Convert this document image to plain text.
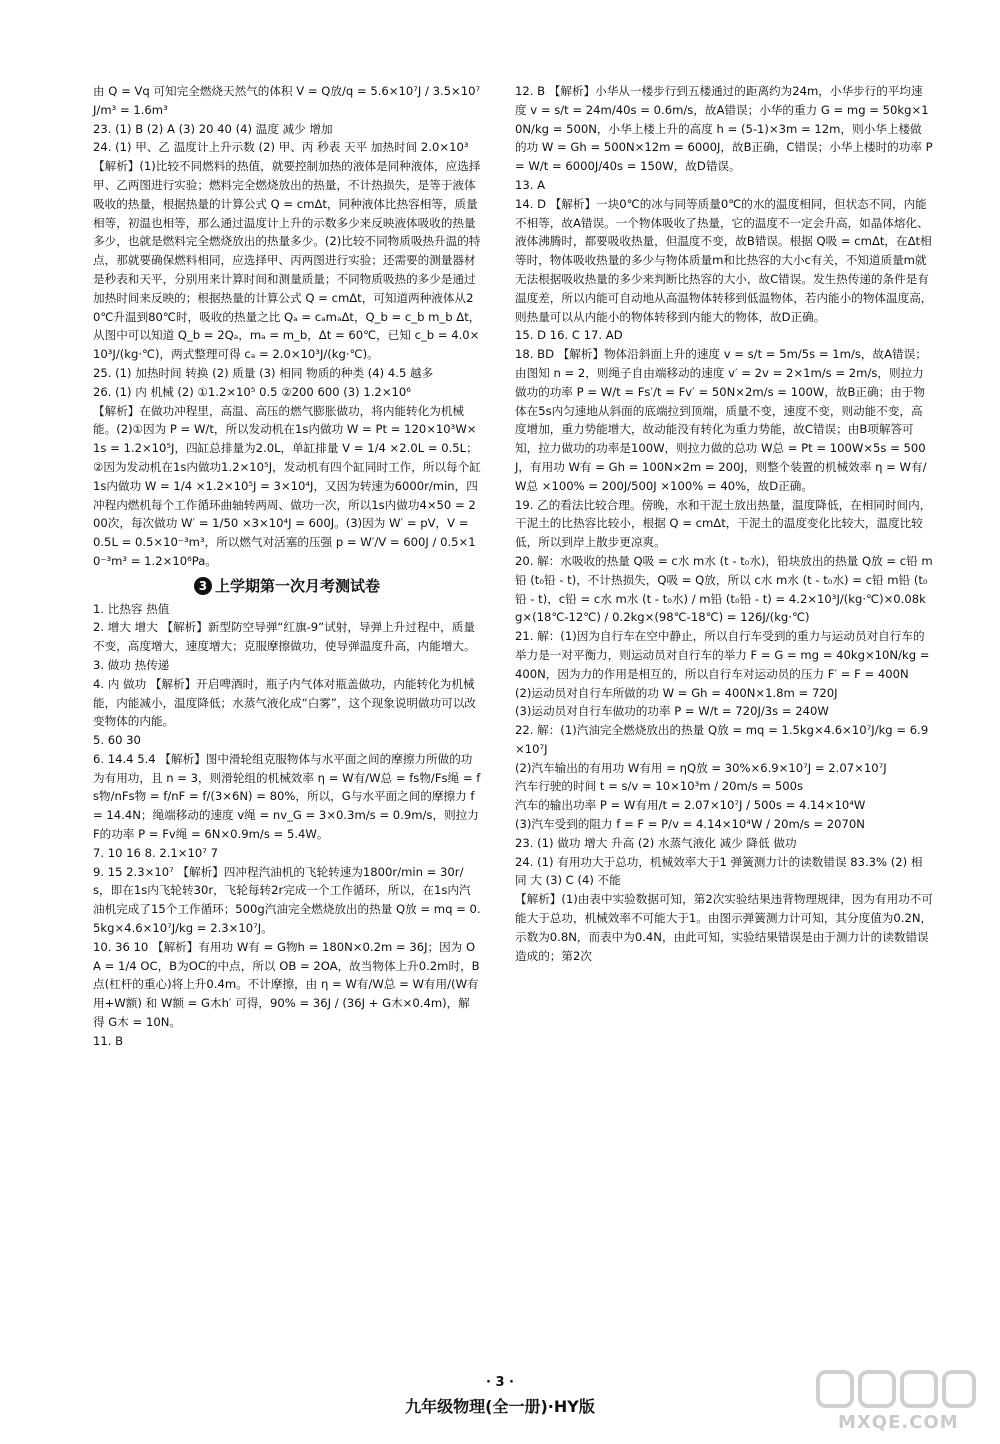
由 Q = Vq 可知完全燃烧天然气的体积 V = Q放/q = 5.6×10⁷J / 3.5×10⁷J/m³ = 1.6m³

23. (1) B (2) A (3) 20 40 (4) 温度 减少 增加

24. (1) 甲、乙 温度计上升示数 (2) 甲、丙 秒表 天平 加热时间 2.0×10³

【解析】(1)比较不同燃料的热值，就要控制加热的液体是同种液体，应选择甲、乙两图进行实验；燃料完全燃烧放出的热量，不计热损失，是等于液体吸收的热量，根据热量的计算公式 Q = cmΔt，同种液体比热容相等，质量相等，初温也相等，那么通过温度计上升的示数多少来反映液体吸收的热量多少，也就是燃料完全燃烧放出的热量多少。(2)比较不同物质吸热升温的特点，那就要确保燃料相同，应选择甲、丙两图进行实验；还需要的测量器材是秒表和天平，分别用来计算时间和测量质量；不同物质吸热的多少是通过加热时间来反映的；根据热量的计算公式 Q = cmΔt，可知道两种液体从20℃升温到80℃时，吸收的热量之比 Qₐ = cₐmₐΔt，Q_b = c_b m_b Δt，从图中可以知道 Q_b = 2Qₐ，mₐ = m_b，Δt = 60℃，已知 c_b = 4.0×10³J/(kg·℃)，两式整理可得 cₐ = 2.0×10³J/(kg·℃)。

25. (1) 加热时间 转换 (2) 质量 (3) 相同 物质的种类 (4) 4.5 越多

26. (1) 内 机械 (2) ①1.2×10⁵ 0.5 ②200 600 (3) 1.2×10⁶

【解析】在做功冲程里，高温、高压的燃气膨胀做功，将内能转化为机械能。(2)①因为 P = W/t，所以发动机在1s内做功 W = Pt = 120×10³W×1s = 1.2×10⁵J，四缸总排量为2.0L，单缸排量 V = 1/4 ×2.0L = 0.5L；②因为发动机在1s内做功1.2×10⁵J，发动机有四个缸同时工作，所以每个缸1s内做功 W = 1/4 ×1.2×10⁵J = 3×10⁴J，又因为转速为6000r/min，四冲程内燃机每个工作循环曲轴转两周、做功一次，所以1s内做功4×50 = 200次，每次做功 W′ = 1/50 ×3×10⁴J = 600J。(3)因为 W′ = pV，V = 0.5L = 0.5×10⁻³m³，所以燃气对活塞的压强 p = W′/V = 600J / 0.5×10⁻³m³ = 1.2×10⁶Pa。

3 上学期第一次月考测试卷

1. 比热容 热值

2. 增大 增大 【解析】新型防空导弹“红旗-9”试射，导弹上升过程中，质量不变，高度增大，速度增大；克服摩擦做功，使导弹温度升高，内能增大。

3. 做功 热传递

4. 内 做功 【解析】开启啤酒时，瓶子内气体对瓶盖做功，内能转化为机械能，内能减小，温度降低；水蒸气液化成“白雾”，这个现象说明做功可以改变物体的内能。

5. 60 30

6. 14.4 5.4 【解析】图中滑轮组克服物体与水平面之间的摩擦力所做的功为有用功，且 n = 3，则滑轮组的机械效率 η = W有/W总 = fs物/Fs绳 = fs物/nFs物 = f/nF = f/(3×6N) = 80%，所以，G与水平面之间的摩擦力 f = 14.4N；绳端移动的速度 v绳 = nv_G = 3×0.3m/s = 0.9m/s，则拉力F的功率 P = Fv绳 = 6N×0.9m/s = 5.4W。

7. 10 16 8. 2.1×10⁷ 7

9. 15 2.3×10⁷ 【解析】四冲程汽油机的飞轮转速为1800r/min = 30r/s，即在1s内飞轮转30r，飞轮每转2r完成一个工作循环，所以，在1s内汽油机完成了15个工作循环；500g汽油完全燃烧放出的热量 Q放 = mq = 0.5kg×4.6×10⁷J/kg = 2.3×10⁷J。

10. 36 10 【解析】有用功 W有 = G物h = 180N×0.2m = 36J；因为 OA = 1/4 OC，B为OC的中点，所以 OB = 2OA，故当物体上升0.2m时，B点(杠杆的重心)将上升0.4m。不计摩擦，由 η = W有/W总 = W有用/(W有用+W额) 和 W额 = G木h′ 可得，90% = 36J / (36J + G木×0.4m)，解得 G木 = 10N。

11. B

12. B 【解析】小华从一楼步行到五楼通过的距离约为24m，小华步行的平均速度 v = s/t = 24m/40s = 0.6m/s，故A错误；小华的重力 G = mg = 50kg×10N/kg = 500N，小华上楼上升的高度 h = (5-1)×3m = 12m，则小华上楼做的功 W = Gh = 500N×12m = 6000J，故B正确，C错误；小华上楼时的功率 P = W/t = 6000J/40s = 150W，故D错误。

13. A

14. D 【解析】一块0℃的冰与同等质量0℃的水的温度相同，但状态不同，内能不相等，故A错误。一个物体吸收了热量，它的温度不一定会升高，如晶体熔化、液体沸腾时，都要吸收热量，但温度不变，故B错误。根据 Q吸 = cmΔt，在Δt相等时，物体吸收热量的多少与物体质量m和比热容的大小c有关，不知道质量m就无法根据吸收热量的多少来判断比热容的大小，故C错误。发生热传递的条件是有温度差，所以内能可自动地从高温物体转移到低温物体，若内能小的物体温度高，则热量可以从内能小的物体转移到内能大的物体，故D正确。

15. D 16. C 17. AD

18. BD 【解析】物体沿斜面上升的速度 v = s/t = 5m/5s = 1m/s，故A错误；由图知 n = 2，则绳子自由端移动的速度 v′ = 2v = 2×1m/s = 2m/s，则拉力做功的功率 P = W/t = Fs′/t = Fv′ = 50N×2m/s = 100W，故B正确；由于物体在5s内匀速地从斜面的底端拉到顶端，质量不变，速度不变，则动能不变，高度增加，重力势能增大，故动能没有转化为重力势能，故C错误；由B项解答可知，拉力做功的功率是100W，则拉力做的总功 W总 = Pt = 100W×5s = 500J，有用功 W有 = Gh = 100N×2m = 200J，则整个装置的机械效率 η = W有/W总 ×100% = 200J/500J ×100% = 40%，故D正确。

19. 乙的看法比较合理。傍晚，水和干泥土放出热量，温度降低，在相同时间内，干泥土的比热容比较小，根据 Q = cmΔt，干泥土的温度变化比较大，温度比较低，所以到岸上散步更凉爽。

20. 解：水吸收的热量 Q吸 = c水 m水 (t - t₀水)，铅块放出的热量 Q放 = c铅 m铅 (t₀铅 - t)，不计热损失，Q吸 = Q放，所以 c水 m水 (t - t₀水) = c铅 m铅 (t₀铅 - t)，c铅 = c水 m水 (t - t₀水) / m铅 (t₀铅 - t) = 4.2×10³J/(kg·℃)×0.08kg×(18℃-12℃) / 0.2kg×(98℃-18℃) = 126J/(kg·℃)

21. 解：(1)因为自行车在空中静止，所以自行车受到的重力与运动员对自行车的举力是一对平衡力，则运动员对自行车的举力 F = G = mg = 40kg×10N/kg = 400N，因为力的作用是相互的，所以自行车对运动员的压力 F′ = F = 400N

(2)运动员对自行车所做的功 W = Gh = 400N×1.8m = 720J

(3)运动员对自行车做功的功率 P = W/t = 720J/3s = 240W

22. 解：(1)汽油完全燃烧放出的热量 Q放 = mq = 1.5kg×4.6×10⁷J/kg = 6.9×10⁷J

(2)汽车输出的有用功 W有用 = ηQ放 = 30%×6.9×10⁷J = 2.07×10⁷J

汽车行驶的时间 t = s/v = 10×10³m / 20m/s = 500s

汽车的输出功率 P = W有用/t = 2.07×10⁷J / 500s = 4.14×10⁴W

(3)汽车受到的阻力 f = F = P/v = 4.14×10⁴W / 20m/s = 2070N

23. (1) 做功 增大 升高 (2) 水蒸气液化 减少 降低 做功

24. (1) 有用功大于总功，机械效率大于1 弹簧测力计的读数错误 83.3% (2) 相同 大 (3) C (4) 不能

【解析】(1)由表中实验数据可知，第2次实验结果违背物理规律，因为有用功不可能大于总功，机械效率不可能大于1。由图示弹簧测力计可知，其分度值为0.2N，示数为0.8N，而表中为0.4N，由此可知，实验结果错误是由于测力计的读数错误造成的；第2次

· 3 ·
九年级物理(全一册)·HY版
MXQE.COM
